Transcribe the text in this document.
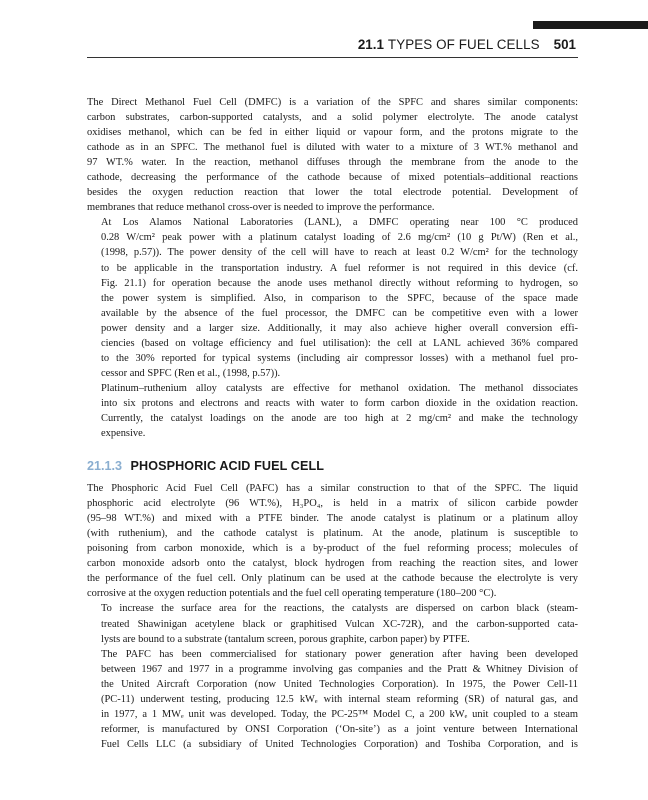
21.1 TYPES OF FUEL CELLS 501

The Direct Methanol Fuel Cell (DMFC) is a variation of the SPFC and shares similar components:
carbon substrates, carbon-supported catalysts, and a solid polymer electrolyte. The anode catalyst
oxidises methanol, which can be fed in either liquid or vapour form, and the protons migrate to the
cathode as in an SPFC. The methanol fuel is diluted with water to a mixture of 3 WT.% methanol and
97 WT.% water. In the reaction, methanol diffuses through the membrane from the anode to the
cathode, decreasing the performance of the cathode because of mixed potentials–additional reactions
besides the oxygen reduction reaction that lower the total electrode potential. Development of
membranes that reduce methanol cross-over is needed to improve the performance.

At Los Alamos National Laboratories (LANL), a DMFC operating near 100 °C produced
0.28 W/cm² peak power with a platinum catalyst loading of 2.6 mg/cm² (10 g Pt/W) (Ren et al.,
(1998, p.57)). The power density of the cell will have to reach at least 0.2 W/cm² for the technology
to be applicable in the transportation industry. A fuel reformer is not required in this device (cf.
Fig. 21.1) for operation because the anode uses methanol directly without reforming to hydrogen, so
the power system is simplified. Also, in comparison to the SPFC, because of the space made
available by the absence of the fuel processor, the DMFC can be competitive even with a lower
power density and a larger size. Additionally, it may also achieve higher overall conversion effi-
ciencies (based on voltage efficiency and fuel utilisation): the cell at LANL achieved 36% compared
to the 30% reported for typical systems (including air compressor losses) with a methanol fuel pro-
cessor and SPFC (Ren et al., (1998, p.57)).

Platinum–ruthenium alloy catalysts are effective for methanol oxidation. The methanol dissociates
into six protons and electrons and reacts with water to form carbon dioxide in the oxidation reaction.
Currently, the catalyst loadings on the anode are too high at 2 mg/cm² and make the technology
expensive.

21.1.3 PHOSPHORIC ACID FUEL CELL

The Phosphoric Acid Fuel Cell (PAFC) has a similar construction to that of the SPFC. The liquid
phosphoric acid electrolyte (96 WT.%), H₃PO₄, is held in a matrix of silicon carbide powder
(95–98 WT.%) and mixed with a PTFE binder. The anode catalyst is platinum or a platinum alloy
(with ruthenium), and the cathode catalyst is platinum. At the anode, platinum is susceptible to
poisoning from carbon monoxide, which is a by-product of the fuel reforming process; molecules of
carbon monoxide adsorb onto the catalyst, block hydrogen from reaching the reaction sites, and lower
the performance of the fuel cell. Only platinum can be used at the cathode because the electrolyte is very
corrosive at the oxygen reduction potentials and the fuel cell operating temperature (180–200 °C).

To increase the surface area for the reactions, the catalysts are dispersed on carbon black (steam-
treated Shawinigan acetylene black or graphitised Vulcan XC-72R), and the carbon-supported cata-
lysts are bound to a substrate (tantalum screen, porous graphite, carbon paper) by PTFE.

The PAFC has been commercialised for stationary power generation after having been developed
between 1967 and 1977 in a programme involving gas companies and the Pratt & Whitney Division of
the United Aircraft Corporation (now United Technologies Corporation). In 1975, the Power Cell-11
(PC-11) underwent testing, producing 12.5 kWₑ with internal steam reforming (SR) of natural gas, and
in 1977, a 1 MWₑ unit was developed. Today, the PC-25™ Model C, a 200 kWₑ unit coupled to a steam
reformer, is manufactured by ONSI Corporation (‘On-site’) as a joint venture between International
Fuel Cells LLC (a subsidiary of United Technologies Corporation) and Toshiba Corporation, and is
